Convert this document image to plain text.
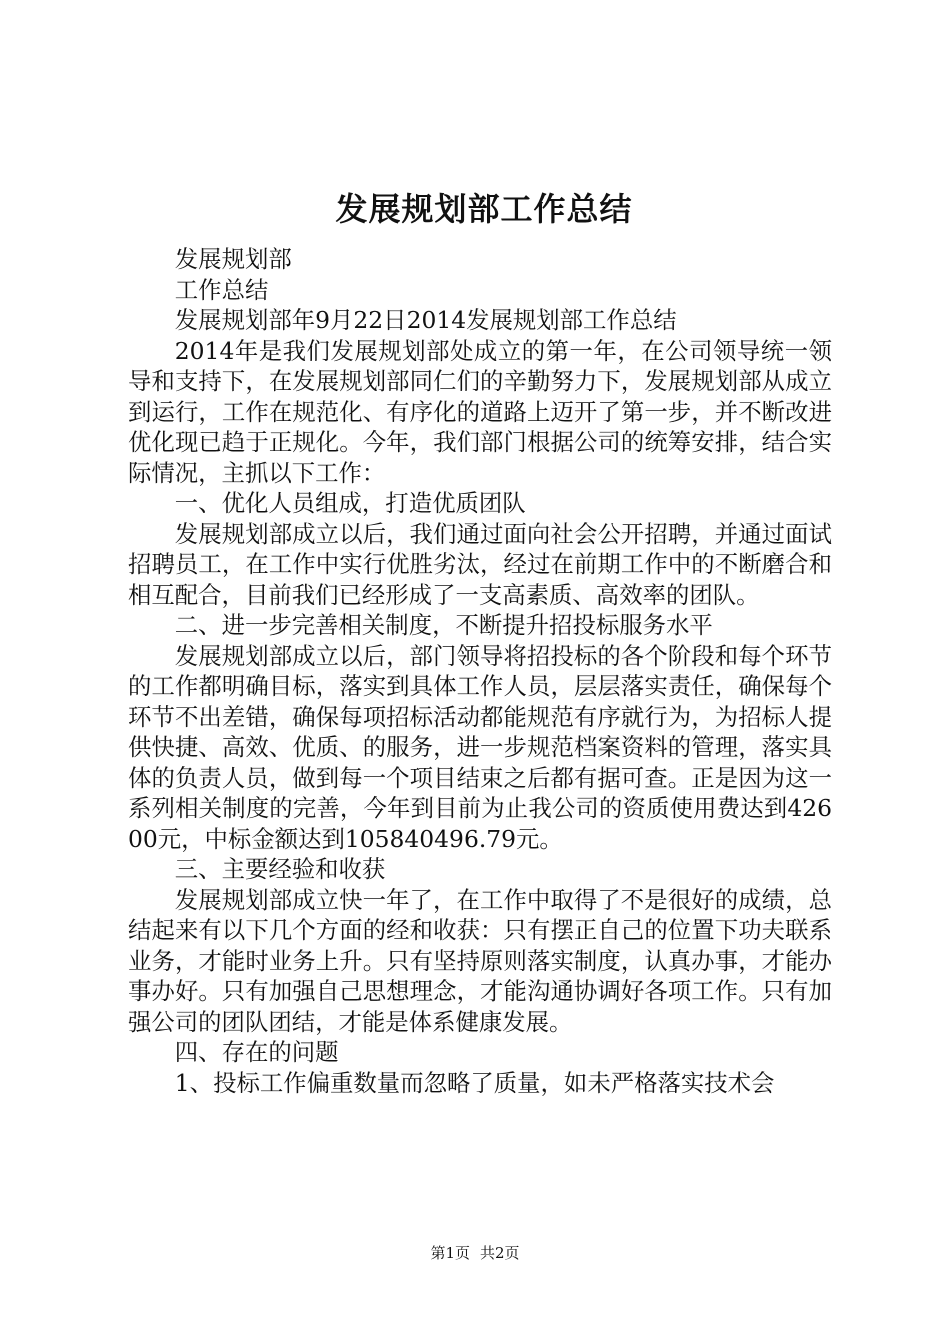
发展规划部工作总结

发展规划部

工作总结

发展规划部年9月22日2014发展规划部工作总结

2014年是我们发展规划部处成立的第一年，在公司领导统一领导和支持下，在发展规划部同仁们的辛勤努力下，发展规划部从成立到运行，工作在规范化、有序化的道路上迈开了第一步，并不断改进优化现已趋于正规化。今年，我们部门根据公司的统筹安排，结合实际情况，主抓以下工作：

一、优化人员组成，打造优质团队

发展规划部成立以后，我们通过面向社会公开招聘，并通过面试招聘员工，在工作中实行优胜劣汰，经过在前期工作中的不断磨合和相互配合，目前我们已经形成了一支高素质、高效率的团队。

二、进一步完善相关制度，不断提升招投标服务水平

发展规划部成立以后，部门领导将招投标的各个阶段和每个环节的工作都明确目标，落实到具体工作人员，层层落实责任，确保每个环节不出差错，确保每项招标活动都能规范有序就行为，为招标人提供快捷、高效、优质、的服务，进一步规范档案资料的管理，落实具体的负责人员，做到每一个项目结束之后都有据可查。正是因为这一系列相关制度的完善，今年到目前为止我公司的资质使用费达到42600元，中标金额达到105840496.79元。

三、主要经验和收获

发展规划部成立快一年了，在工作中取得了不是很好的成绩，总结起来有以下几个方面的经和收获：只有摆正自己的位置下功夫联系业务，才能时业务上升。只有坚持原则落实制度，认真办事，才能办事办好。只有加强自己思想理念，才能沟通协调好各项工作。只有加强公司的团队团结，才能是体系健康发展。

四、存在的问题

1、投标工作偏重数量而忽略了质量，如未严格落实技术会

第1页 共2页
